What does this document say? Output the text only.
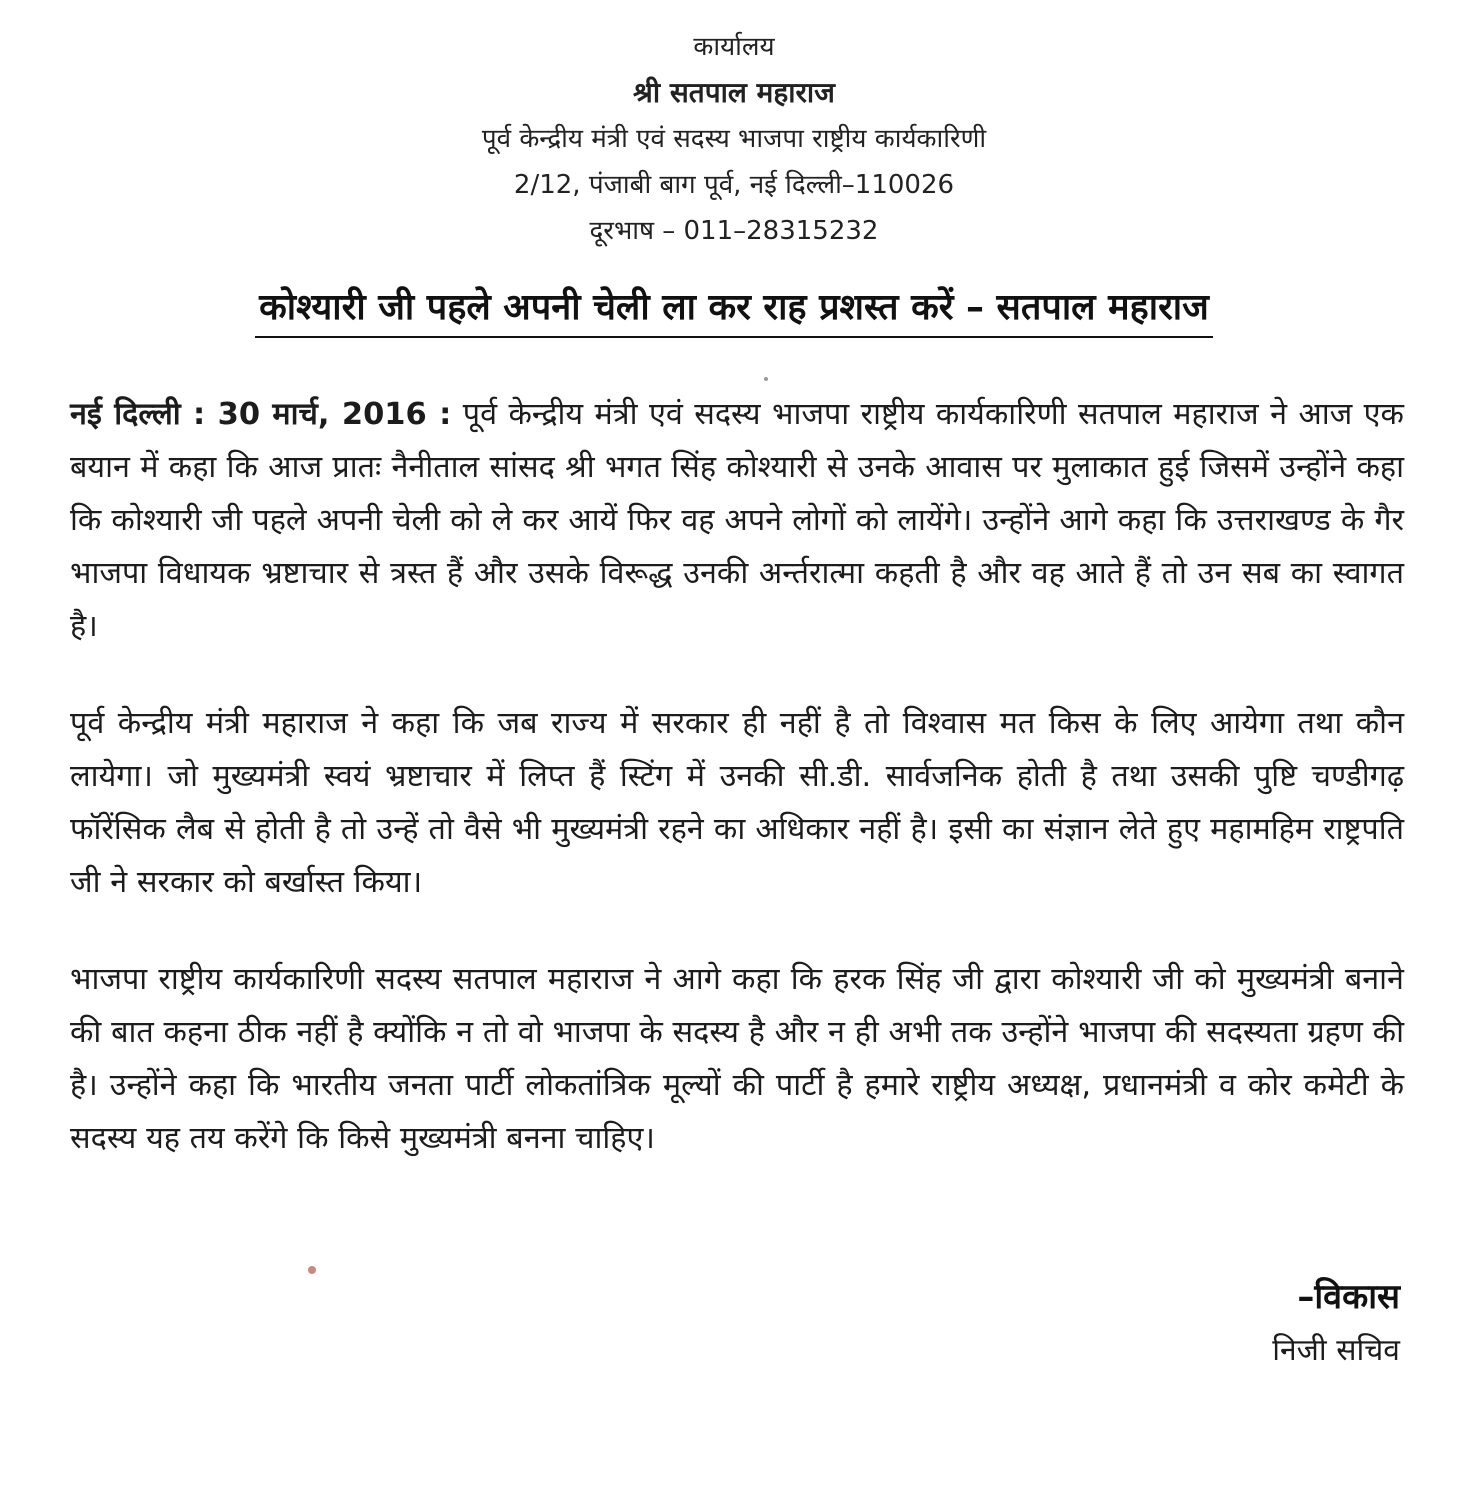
कार्यालय
श्री सतपाल महाराज
पूर्व केन्द्रीय मंत्री एवं सदस्य भाजपा राष्ट्रीय कार्यकारिणी
2/12, पंजाबी बाग पूर्व, नई दिल्ली–110026
दूरभाष – 011–28315232
कोश्यारी जी पहले अपनी चेली ला कर राह प्रशस्त करें – सतपाल महाराज

नई दिल्ली : 30 मार्च, 2016 : पूर्व केन्द्रीय मंत्री एवं सदस्य भाजपा राष्ट्रीय कार्यकारिणी सतपाल महाराज ने आज एक बयान में कहा कि आज प्रातः नैनीताल सांसद श्री भगत सिंह कोश्यारी से उनके आवास पर मुलाकात हुई जिसमें उन्होंने कहा कि कोश्यारी जी पहले अपनी चेली को ले कर आयें फिर वह अपने लोगों को लायेंगे। उन्होंने आगे कहा कि उत्तराखण्ड के गैर भाजपा विधायक भ्रष्टाचार से त्रस्त हैं और उसके विरूद्ध उनकी अर्न्तरात्मा कहती है और वह आते हैं तो उन सब का स्वागत है।

पूर्व केन्द्रीय मंत्री महाराज ने कहा कि जब राज्य में सरकार ही नहीं है तो विश्वास मत किस के लिए आयेगा तथा कौन लायेगा। जो मुख्यमंत्री स्वयं भ्रष्टाचार में लिप्त हैं स्टिंग में उनकी सी.डी. सार्वजनिक होती है तथा उसकी पुष्टि चण्डीगढ़ फॉरेंसिक लैब से होती है तो उन्हें तो वैसे भी मुख्यमंत्री रहने का अधिकार नहीं है। इसी का संज्ञान लेते हुए महामहिम राष्ट्रपति जी ने सरकार को बर्खास्त किया।

भाजपा राष्ट्रीय कार्यकारिणी सदस्य सतपाल महाराज ने आगे कहा कि हरक सिंह जी द्वारा कोश्यारी जी को मुख्यमंत्री बनाने की बात कहना ठीक नहीं है क्योंकि न तो वो भाजपा के सदस्य है और न ही अभी तक उन्होंने भाजपा की सदस्यता ग्रहण की है। उन्होंने कहा कि भारतीय जनता पार्टी लोकतांत्रिक मूल्यों की पार्टी है हमारे राष्ट्रीय अध्यक्ष, प्रधानमंत्री व कोर कमेटी के सदस्य यह तय करेंगे कि किसे मुख्यमंत्री बनना चाहिए।

–विकास
निजी सचिव
